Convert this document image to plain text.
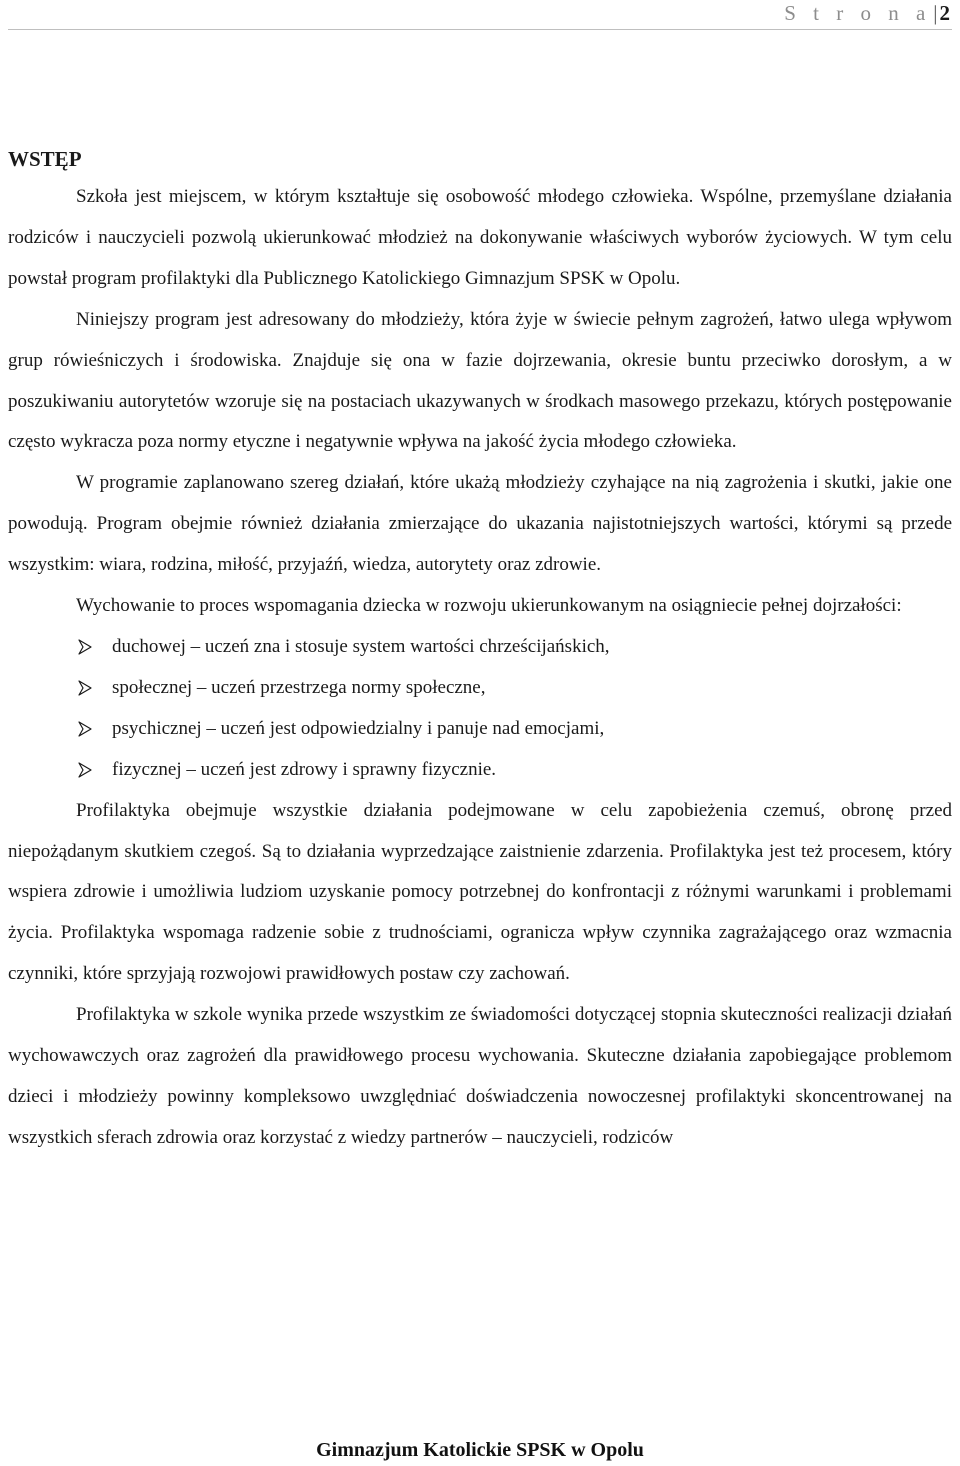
S t r o n a | 2
WSTĘP

Szkoła jest miejscem, w którym kształtuje się osobowość młodego człowieka. Wspólne, przemyślane działania rodziców i nauczycieli pozwolą ukierunkować młodzież na dokonywanie właściwych wyborów życiowych. W tym celu powstał program profilaktyki dla Publicznego Katolickiego Gimnazjum SPSK w Opolu.

Niniejszy program jest adresowany do młodzieży, która żyje w świecie pełnym zagrożeń, łatwo ulega wpływom grup rówieśniczych i środowiska. Znajduje się ona w fazie dojrzewania, okresie buntu przeciwko dorosłym, a w poszukiwaniu autorytetów wzoruje się na postaciach ukazywanych w środkach masowego przekazu, których postępowanie często wykracza poza normy etyczne i negatywnie wpływa na jakość życia młodego człowieka.

W programie zaplanowano szereg działań, które ukażą młodzieży czyhające na nią zagrożenia i skutki, jakie one powodują. Program obejmie również działania zmierzające do ukazania najistotniejszych wartości, którymi są przede wszystkim: wiara, rodzina, miłość, przyjaźń, wiedza, autorytety oraz zdrowie.

Wychowanie to proces wspomagania dziecka w rozwoju ukierunkowanym na osiągniecie pełnej dojrzałości:

duchowej – uczeń zna i stosuje system wartości chrześcijańskich,
społecznej – uczeń przestrzega normy społeczne,
psychicznej – uczeń jest odpowiedzialny i panuje nad emocjami,
fizycznej – uczeń jest zdrowy i sprawny fizycznie.

Profilaktyka obejmuje wszystkie działania podejmowane w celu zapobieżenia czemuś, obronę przed niepożądanym skutkiem czegoś. Są to działania wyprzedzające zaistnienie zdarzenia. Profilaktyka jest też procesem, który wspiera zdrowie i umożliwia ludziom uzyskanie pomocy potrzebnej do konfrontacji z różnymi warunkami i problemami życia. Profilaktyka wspomaga radzenie sobie z trudnościami, ogranicza wpływ czynnika zagrażającego oraz wzmacnia czynniki, które sprzyjają rozwojowi prawidłowych postaw czy zachowań.

Profilaktyka w szkole wynika przede wszystkim ze świadomości dotyczącej stopnia skuteczności realizacji działań wychowawczych oraz zagrożeń dla prawidłowego procesu wychowania. Skuteczne działania zapobiegające problemom dzieci i młodzieży powinny kompleksowo uwzględniać doświadczenia nowoczesnej profilaktyki skoncentrowanej na wszystkich sferach zdrowia oraz korzystać z wiedzy partnerów – nauczycieli, rodziców

Gimnazjum Katolickie SPSK w Opolu
